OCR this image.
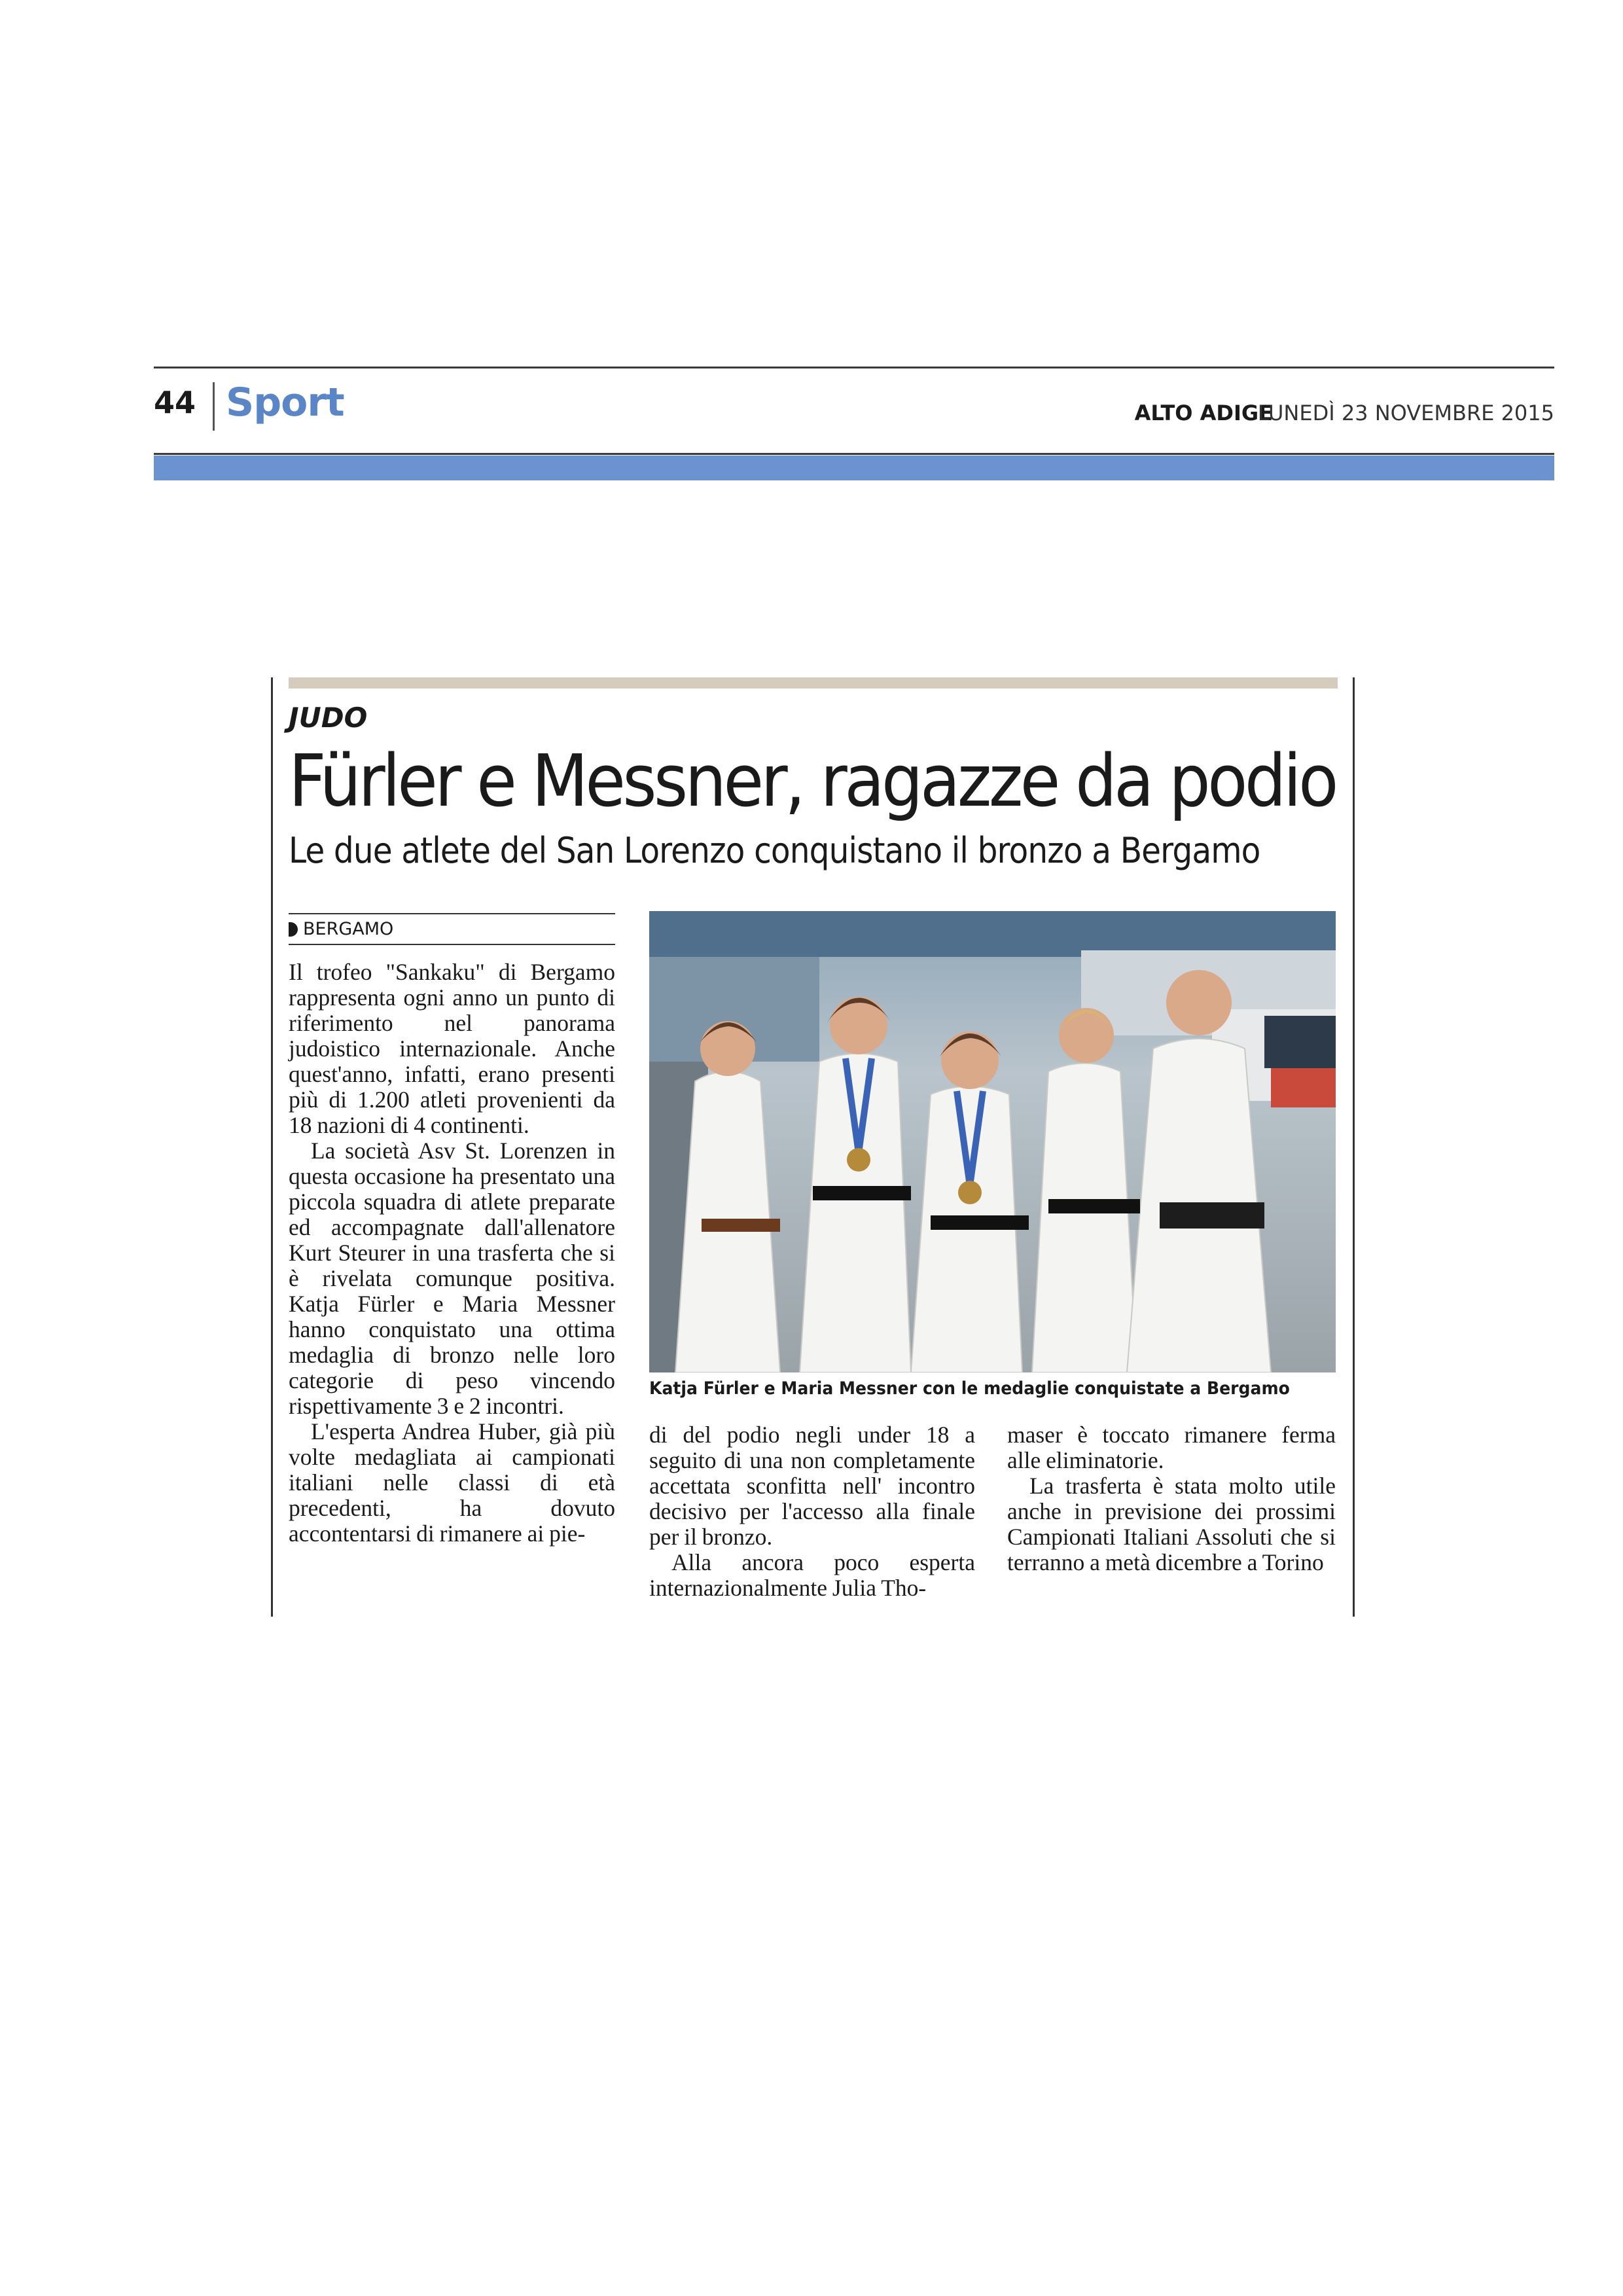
44 Sport	ALTO ADIGE
LUNEDÌ 23 NOVEMBRE 2015
JUDO
Fürler e Messner, ragazze da podio
Le due atlete del San Lorenzo conquistano il bronzo a Bergamo
BERGAMO

Il trofeo "Sankaku" di Bergamo rappresenta ogni anno un punto di riferimento nel panorama judoistico internazionale. Anche quest'anno, infatti, erano presenti più di 1.200 atleti provenienti da 18 nazioni di 4 continenti.

La società Asv St. Lorenzen in questa occasione ha presentato una piccola squadra di atlete preparate ed accompagnate dall'allenatore Kurt Steurer in una trasferta che si è rivelata comunque positiva. Katja Fürler e Maria Messner hanno conquistato una ottima medaglia di bronzo nelle loro categorie di peso vincendo rispettivamente 3 e 2 incontri.

L'esperta Andrea Huber, già più volte medagliata ai campionati italiani nelle classi di età precedenti, ha dovuto accontentarsi di rimanere ai pie-

Katja Fürler e Maria Messner con le medaglie conquistate a Bergamo

di del podio negli under 18 a seguito di una non completamente accettata sconfitta nell' incontro decisivo per l'accesso alla finale per il bronzo.

Alla ancora poco esperta internazionalmente Julia Tho-

maser è toccato rimanere ferma alle eliminatorie.

La trasferta è stata molto utile anche in previsione dei prossimi Campionati Italiani Assoluti che si terranno a metà dicembre a Torino
